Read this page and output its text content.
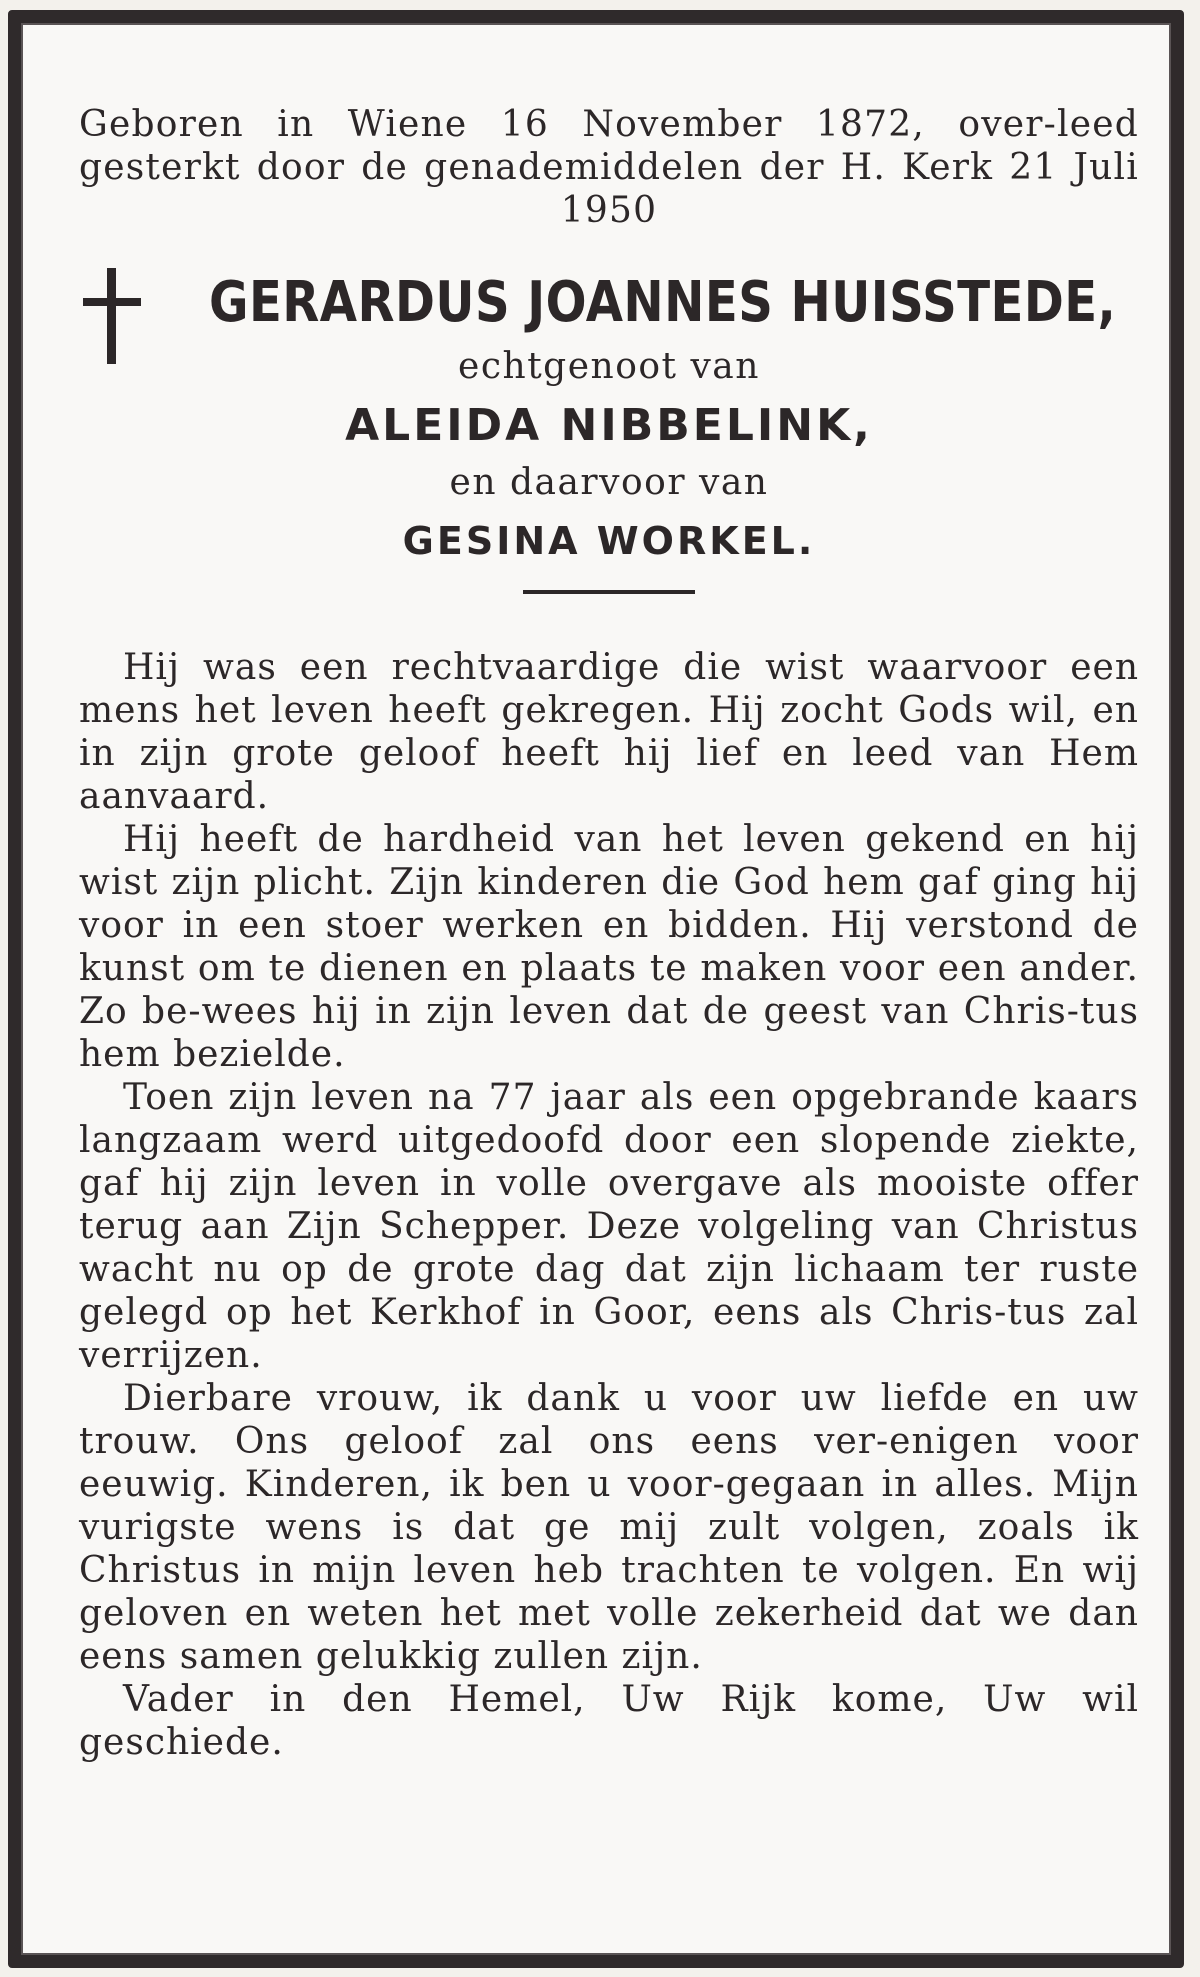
Geboren in Wiene 16 November 1872, over-leed gesterkt door de genademiddelen der H. Kerk 21 Juli 1950

GERARDUS JOANNES HUISSTEDE,

echtgenoot van

ALEIDA NIBBELINK,

en daarvoor van

GESINA WORKEL.

Hij was een rechtvaardige die wist waarvoor een mens het leven heeft gekregen. Hij zocht Gods wil, en in zijn grote geloof heeft hij lief en leed van Hem aanvaard.

Hij heeft de hardheid van het leven gekend en hij wist zijn plicht. Zijn kinderen die God hem gaf ging hij voor in een stoer werken en bidden. Hij verstond de kunst om te dienen en plaats te maken voor een ander. Zo be-wees hij in zijn leven dat de geest van Chris-tus hem bezielde.

Toen zijn leven na 77 jaar als een opgebrande kaars langzaam werd uitgedoofd door een slopende ziekte, gaf hij zijn leven in volle overgave als mooiste offer terug aan Zijn Schepper. Deze volgeling van Christus wacht nu op de grote dag dat zijn lichaam ter ruste gelegd op het Kerkhof in Goor, eens als Chris-tus zal verrijzen.

Dierbare vrouw, ik dank u voor uw liefde en uw trouw. Ons geloof zal ons eens ver-enigen voor eeuwig. Kinderen, ik ben u voor-gegaan in alles. Mijn vurigste wens is dat ge mij zult volgen, zoals ik Christus in mijn leven heb trachten te volgen. En wij geloven en weten het met volle zekerheid dat we dan eens samen gelukkig zullen zijn.

Vader in den Hemel, Uw Rijk kome, Uw wil geschiede.
